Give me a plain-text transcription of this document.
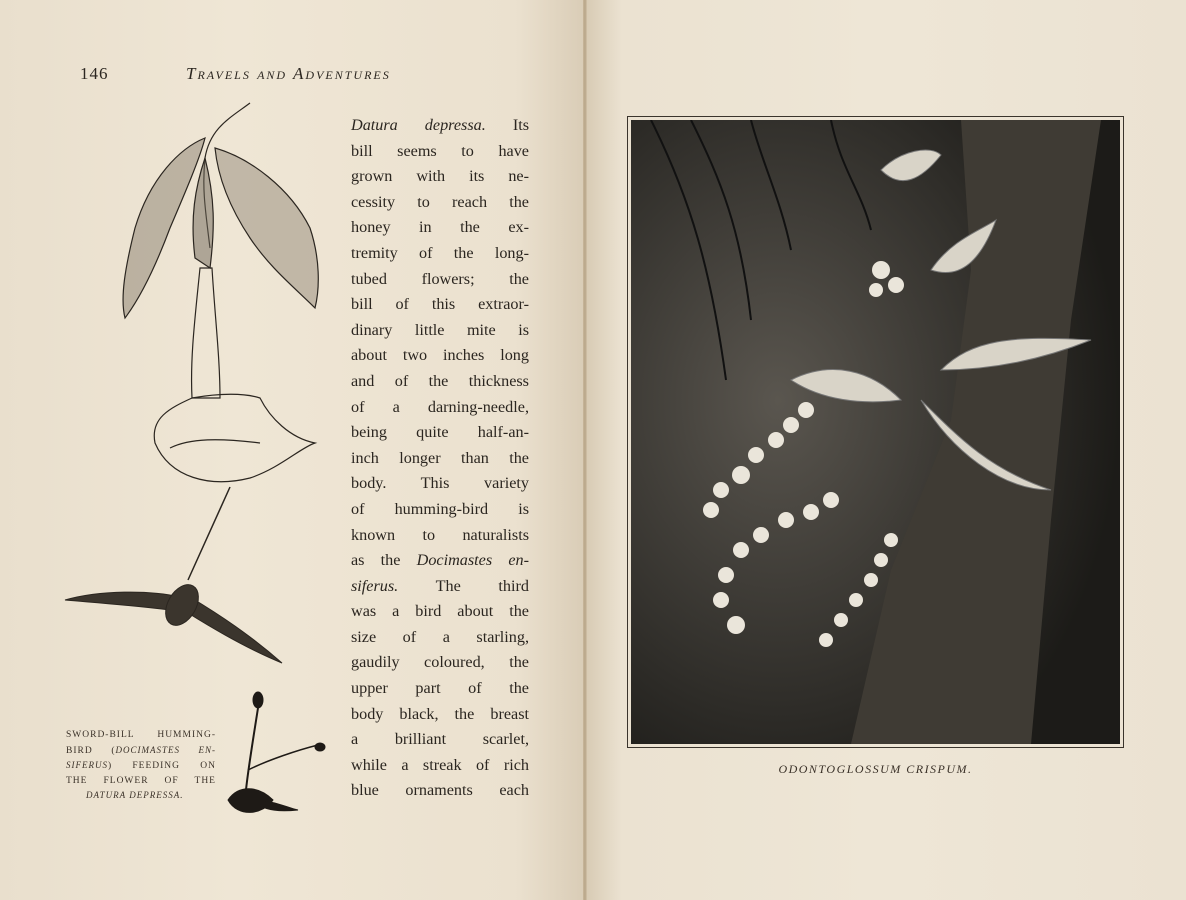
146	Travels and Adventures
Datura depressa. Its
bill seems to have
grown with its ne-
cessity to reach the
honey in the ex-
tremity of the long-
tubed flowers; the
bill of this extraor-
dinary little mite is
about two inches long
and of the thickness
of a darning-needle,
being quite half-an-
inch longer than the
body. This variety
of humming-bird is
known to naturalists
as the Docimastes en-
siferus. The third
was a bird about the
size of a starling,
gaudily coloured, the
upper part of the
body black, the breast
a brilliant scarlet,
while a streak of rich
blue ornaments each
SWORD-BILL HUMMING-
BIRD (DOCIMASTES EN-
SIFERUS) FEEDING ON
THE FLOWER OF THE
DATURA DEPRESSA.
ODONTOGLOSSUM CRISPUM.
